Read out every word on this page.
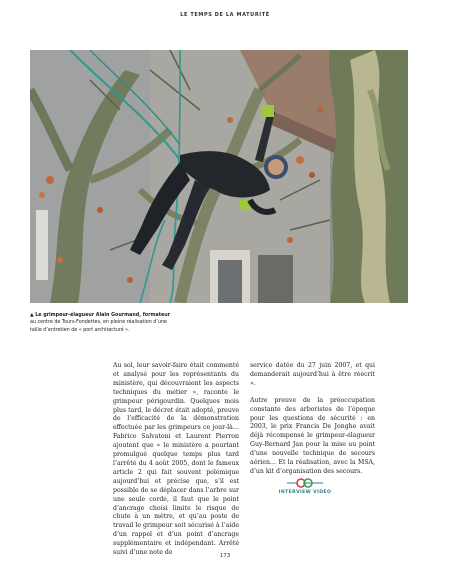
LE TEMPS DE LA MATURITÉ

▲ Le grimpeur-élagueur Alain Gourmand, formateur

au centre de Tours-Fondettes, en pleine réalisation d’une taille d’entretien de « port architecturé ».

Au sol, leur savoir-faire était commenté et analysé pour les représentants du ministère, qui découvraient les aspects techniques du métier », raconte le grimpeur périgourdin. Quelques mois plus tard, le décret était adopté, preuve de l’efficacité de la démonstration effectuée par les grimpeurs ce jour-là… Fabrice Salvatoni et Laurent Pierron ajoutent que « le ministère a pourtant promulgué quelque temps plus tard l’arrêté du 4 août 2005, dont le fameux article 2 qui fait souvent polémique aujourd’hui et précise que, s’il est possible de se déplacer dans l’arbre sur une seule corde, il faut que le point d’ancrage choisi limite le risque de chute à un mètre, et qu’au poste de travail le grimpeur soit sécurisé à l’aide d’un rappel et d’un point d’ancrage supplémentaire et indépendant. Arrêté suivi d’une note de

service datée du 27 juin 2007, et qui demanderait aujourd’hui à être réécrit ».

Autre preuve de la préoccupation constante des arboristes de l’époque pour les questions de sécurité : en 2003, le prix Francis De Jonghe avait déjà récompensé le grimpeur-élagueur Guy-Bernard Jan pour la mise au point d’une nouvelle technique de secours aérien… Et la réalisation, avec la MSA, d’un kit d’organisation des secours.

INTERVIEW VIDÉO
173
